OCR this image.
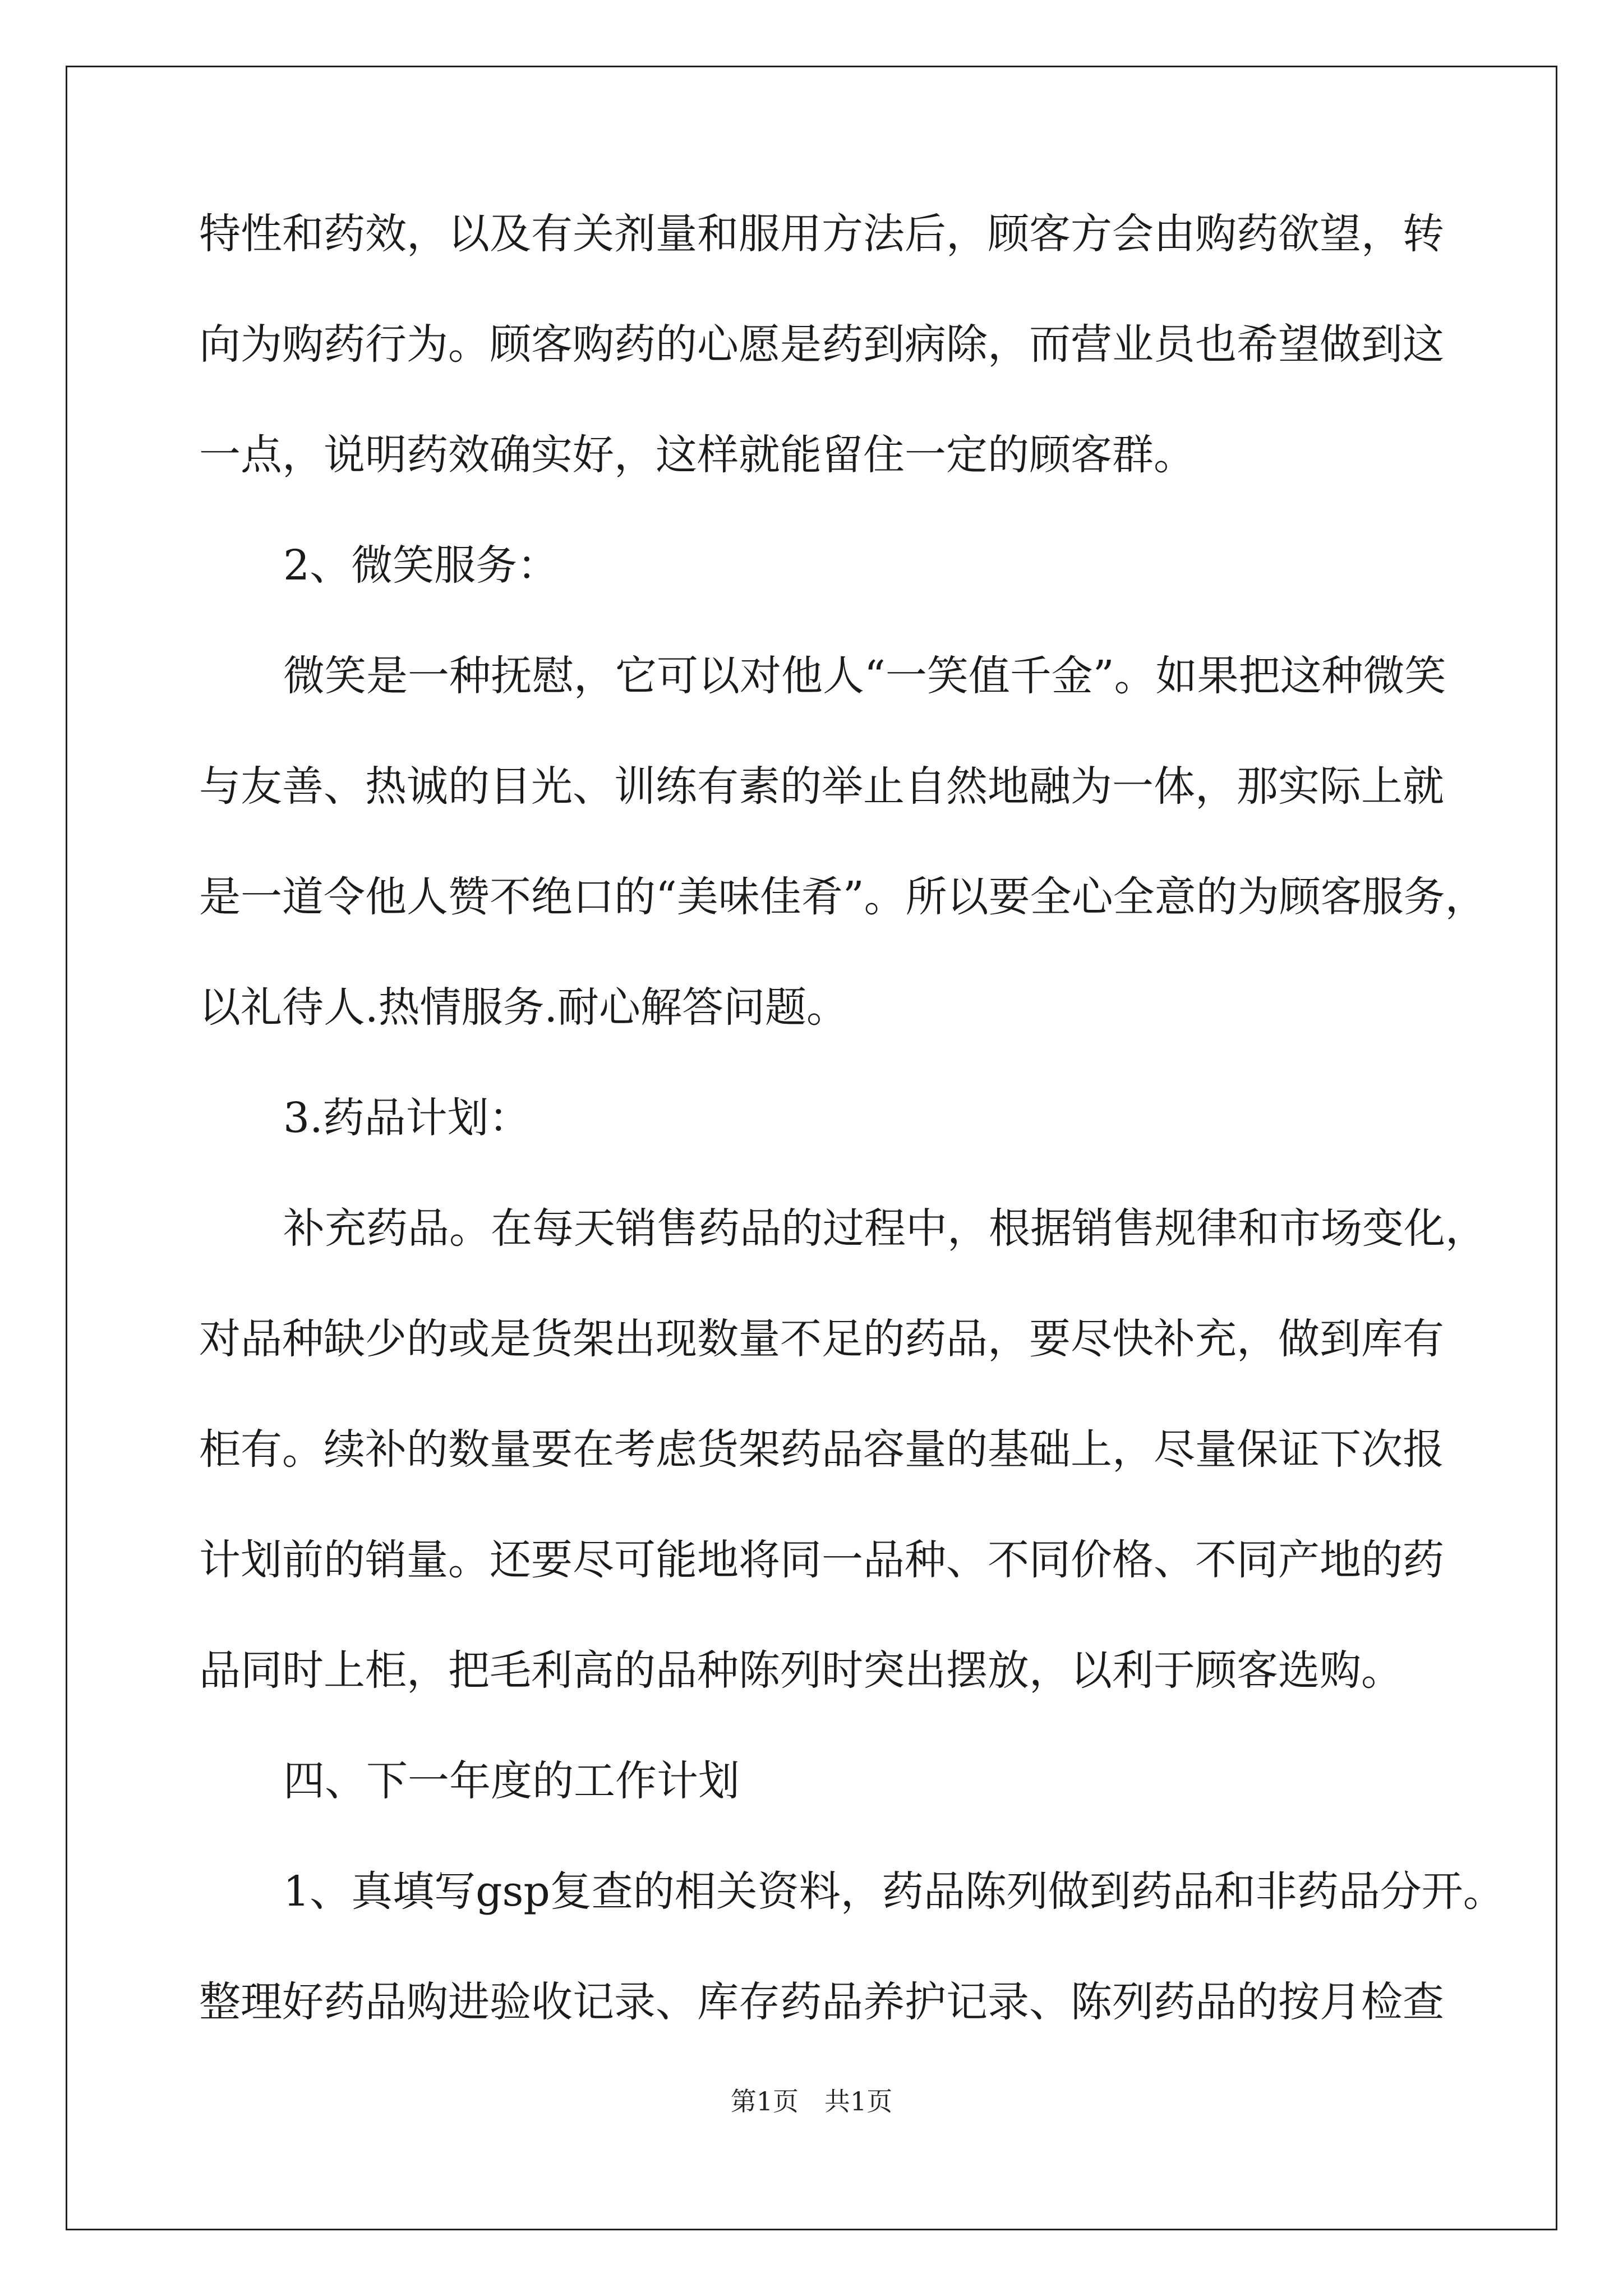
特性和药效，以及有关剂量和服用方法后，顾客方会由购药欲望，转
向为购药行为。顾客购药的心愿是药到病除，而营业员也希望做到这
一点，说明药效确实好，这样就能留住一定的顾客群。
2、微笑服务：
微笑是一种抚慰，它可以对他人“一笑值千金”。如果把这种微笑
与友善、热诚的目光、训练有素的举止自然地融为一体，那实际上就
是一道令他人赞不绝口的“美味佳肴”。所以要全心全意的为顾客服务，
以礼待人.热情服务.耐心解答问题。
3.药品计划：
补充药品。在每天销售药品的过程中，根据销售规律和市场变化，
对品种缺少的或是货架出现数量不足的药品，要尽快补充，做到库有
柜有。续补的数量要在考虑货架药品容量的基础上，尽量保证下次报
计划前的销量。还要尽可能地将同一品种、不同价格、不同产地的药
品同时上柜，把毛利高的品种陈列时突出摆放，以利于顾客选购。
四、下一年度的工作计划
1、真填写gsp复查的相关资料，药品陈列做到药品和非药品分开。
整理好药品购进验收记录、库存药品养护记录、陈列药品的按月检查
第1页　共1页
